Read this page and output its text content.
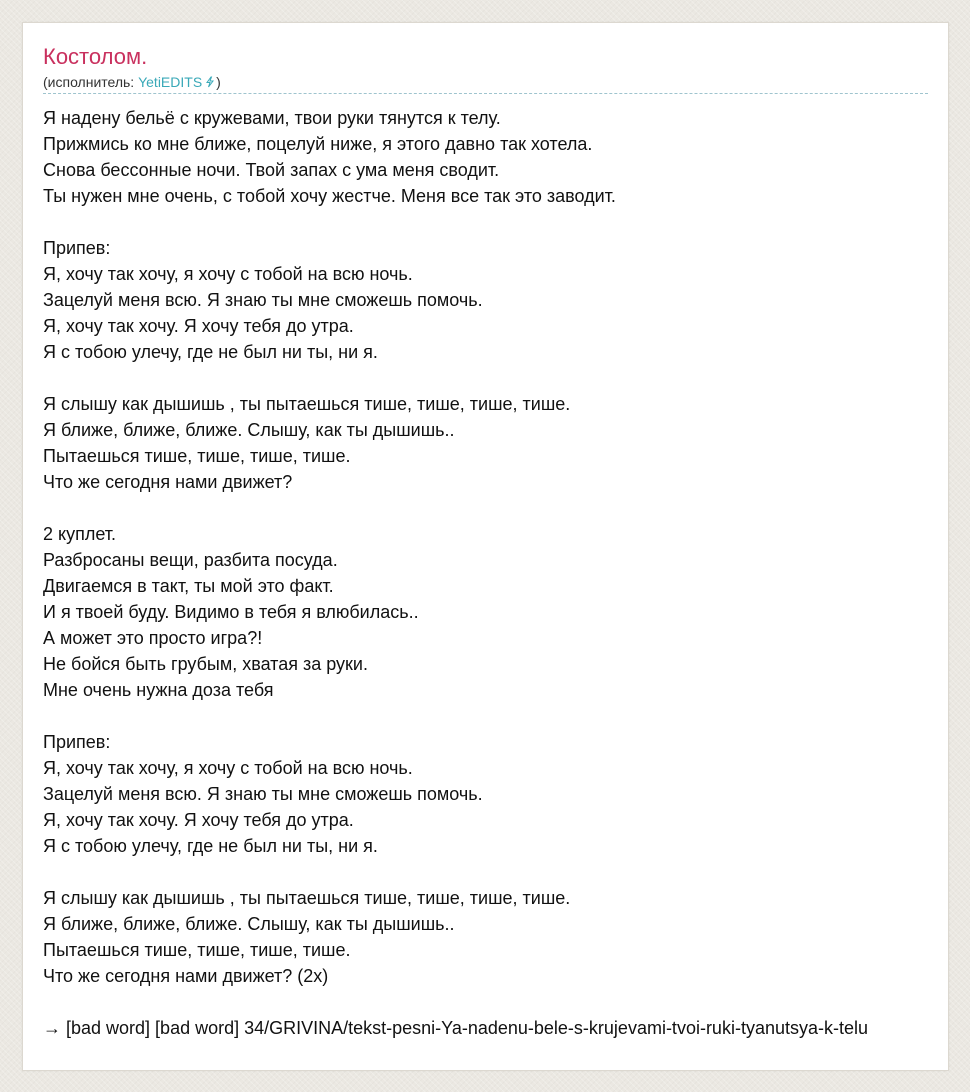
Костолом.
(исполнитель: YetiEDITS )
Я надену бельё с кружевами, твои руки тянутся к телу.
Прижмись ко мне ближе, поцелуй ниже, я этого давно так хотела.
Снова бессонные ночи. Твой запах с ума меня сводит.
Ты нужен мне очень, с тобой хочу жестче. Меня все так это заводит.
Припев:
Я, хочу так хочу, я хочу с тобой на всю ночь.
Зацелуй меня всю. Я знаю ты мне сможешь помочь.
Я, хочу так хочу. Я хочу тебя до утра.
Я с тобою улечу, где не был ни ты, ни я.
Я слышу как дышишь , ты пытаешься тише, тише, тише, тише.
Я ближе, ближе, ближе. Слышу, как ты дышишь..
Пытаешься тише, тише, тише, тише.
Что же сегодня нами движет?
2 куплет.
Разбросаны вещи, разбита посуда.
Двигаемся в такт, ты мой это факт.
И я твоей буду. Видимо в тебя я влюбилась..
А может это просто игра?!
Не бойся быть грубым, хватая за руки.
Мне очень нужна доза тебя
Припев:
Я, хочу так хочу, я хочу с тобой на всю ночь.
Зацелуй меня всю. Я знаю ты мне сможешь помочь.
Я, хочу так хочу. Я хочу тебя до утра.
Я с тобою улечу, где не был ни ты, ни я.
Я слышу как дышишь , ты пытаешься тише, тише, тише, тише.
Я ближе, ближе, ближе. Слышу, как ты дышишь..
Пытаешься тише, тише, тише, тише.
Что же сегодня нами движет? (2x)
→ [bad word] [bad word] 34/GRIVINA/tekst-pesni-Ya-nadenu-bele-s-krujevami-tvoi-ruki-tyanutsya-k-telu
